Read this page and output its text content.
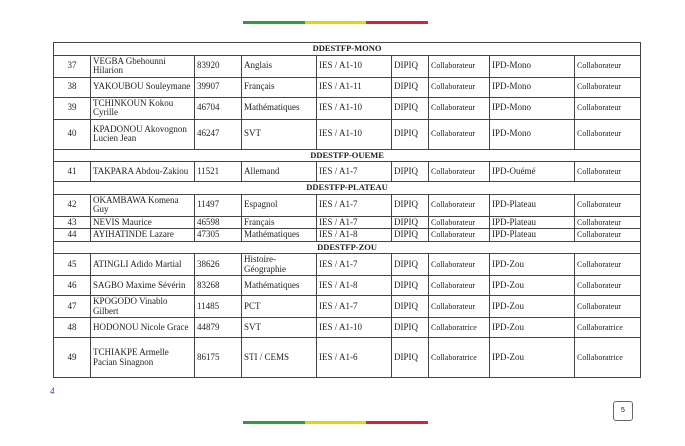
DDESTFP-MONO								
37	VEGBA Gbehounni Hilarion	83920	Anglais	IES / A1-10	DIPIQ	Collaborateur	IPD-Mono	Collaborateur
38	YAKOUBOU Souleymane	39907	Français	IES / A1-11	DIPIQ	Collaborateur	IPD-Mono	Collaborateur
39	TCHINKOUN Kokou Cyrille	46704	Mathématiques	IES / A1-10	DIPIQ	Collaborateur	IPD-Mono	Collaborateur
40	KPADONOU Akovognon Lucien Jean	46247	SVT	IES / A1-10	DIPIQ	Collaborateur	IPD-Mono	Collaborateur
DDESTFP-OUEME								
41	TAKPARA Abdou-Zakiou	11521	Allemand	IES / A1-7	DIPIQ	Collaborateur	IPD-Ouémé	Collaborateur
DDESTFP-PLATEAU								
42	OKAMBAWA Komena Guy	11497	Espagnol	IES / A1-7	DIPIQ	Collaborateur	IPD-Plateau	Collaborateur
43	NEVIS Maurice	46598	Français	IES / A1-7	DIPIQ	Collaborateur	IPD-Plateau	Collaborateur
44	AYIHATINDE Lazare	47305	Mathématiques	IES / A1-8	DIPIQ	Collaborateur	IPD-Plateau	Collaborateur
DDESTFP-ZOU								
45	ATINGLI Adido Martial	38626	Histoire-Géographie	IES / A1-7	DIPIQ	Collaborateur	IPD-Zou	Collaborateur
46	SAGBO Maxime Sévérin	83268	Mathématiques	IES / A1-8	DIPIQ	Collaborateur	IPD-Zou	Collaborateur
47	KPOGODO Vinablo Gilbert	11485	PCT	IES / A1-7	DIPIQ	Collaborateur	IPD-Zou	Collaborateur
48	HODONOU Nicole Grace	44879	SVT	IES / A1-10	DIPIQ	Collaboratrice	IPD-Zou	Collaboratrice
49	TCHIAKPE Armelle Pacian Sinagnon	86175	STI / CEMS	IES / A1-6	DIPIQ	Collaboratrice	IPD-Zou	Collaboratrice
4
5
